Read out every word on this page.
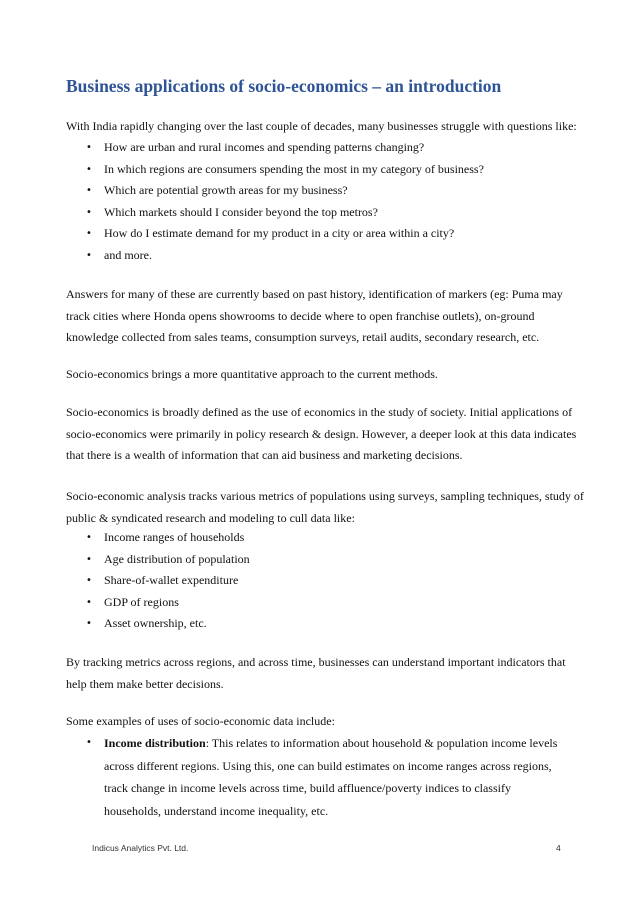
Business applications of socio-economics – an introduction

With India rapidly changing over the last couple of decades, many businesses struggle with questions like:

• How are urban and rural incomes and spending patterns changing?
• In which regions are consumers spending the most in my category of business?
• Which are potential growth areas for my business?
• Which markets should I consider beyond the top metros?
• How do I estimate demand for my product in a city or area within a city?
• and more.

Answers for many of these are currently based on past history, identification of markers (eg: Puma may track cities where Honda opens showrooms to decide where to open franchise outlets), on-ground knowledge collected from sales teams, consumption surveys, retail audits, secondary research, etc.

Socio-economics brings a more quantitative approach to the current methods.

Socio-economics is broadly defined as the use of economics in the study of society. Initial applications of socio-economics were primarily in policy research & design. However, a deeper look at this data indicates that there is a wealth of information that can aid business and marketing decisions.

Socio-economic analysis tracks various metrics of populations using surveys, sampling techniques, study of public & syndicated research and modeling to cull data like:

• Income ranges of households
• Age distribution of population
• Share-of-wallet expenditure
• GDP of regions
• Asset ownership, etc.

By tracking metrics across regions, and across time, businesses can understand important indicators that help them make better decisions.

Some examples of uses of socio-economic data include:

• Income distribution: This relates to information about household & population income levels across different regions. Using this, one can build estimates on income ranges across regions, track change in income levels across time, build affluence/poverty indices to classify households, understand income inequality, etc.
Indicus Analytics Pvt. Ltd.	4
